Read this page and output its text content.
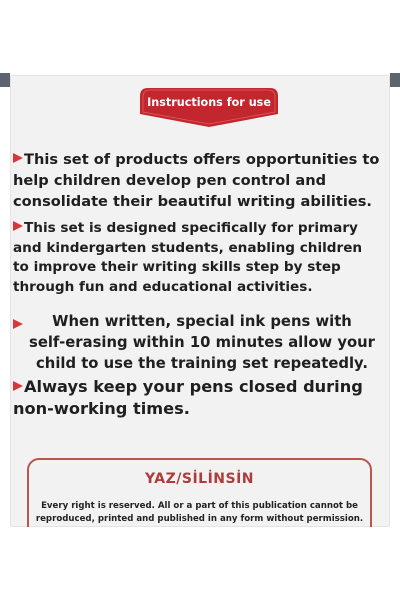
Instructions for use
This set of products offers opportunities to
help children develop pen control and
consolidate their beautiful writing abilities.
This set is designed specifically for primary
and kindergarten students, enabling children
to improve their writing skills step by step
through fun and educational activities.
When written, special ink pens with
self-erasing within 10 minutes allow your
child to use the training set repeatedly.
Always keep your pens closed during
non-working times.
YAZ/SİLİNSİN
Every right is reserved. All or a part of this publication cannot be
reproduced, printed and published in any form without permission.
